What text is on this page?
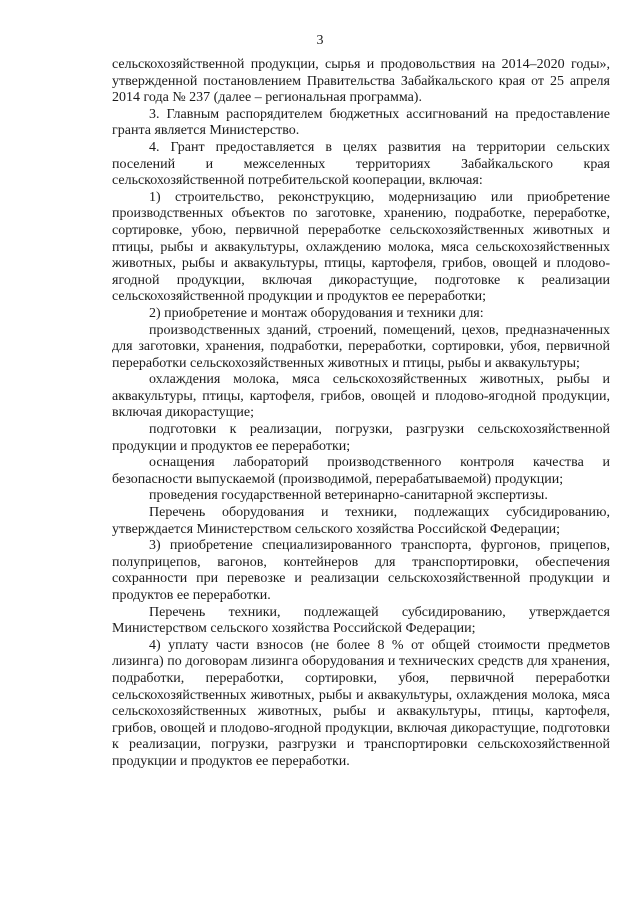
3

сельскохозяйственной продукции, сырья и продовольствия на 2014–2020 годы», утвержденной постановлением Правительства Забайкальского края от 25 апреля 2014 года № 237 (далее – региональная программа).

3. Главным распорядителем бюджетных ассигнований на предоставление гранта является Министерство.

4. Грант предоставляется в целях развития на территории сельских поселений и межселенных территориях Забайкальского края сельскохозяйственной потребительской кооперации, включая:

1) строительство, реконструкцию, модернизацию или приобретение производственных объектов по заготовке, хранению, подработке, переработке, сортировке, убою, первичной переработке сельскохозяйственных животных и птицы, рыбы и аквакультуры, охлаждению молока, мяса сельскохозяйственных животных, рыбы и аквакультуры, птицы, картофеля, грибов, овощей и плодово-ягодной продукции, включая дикорастущие, подготовке к реализации сельскохозяйственной продукции и продуктов ее переработки;

2) приобретение и монтаж оборудования и техники для:

производственных зданий, строений, помещений, цехов, предназначенных для заготовки, хранения, подработки, переработки, сортировки, убоя, первичной переработки сельскохозяйственных животных и птицы, рыбы и аквакультуры;

охлаждения молока, мяса сельскохозяйственных животных, рыбы и аквакультуры, птицы, картофеля, грибов, овощей и плодово-ягодной продукции, включая дикорастущие;

подготовки к реализации, погрузки, разгрузки сельскохозяйственной продукции и продуктов ее переработки;

оснащения лабораторий производственного контроля качества и безопасности выпускаемой (производимой, перерабатываемой) продукции;

проведения государственной ветеринарно-санитарной экспертизы.

Перечень оборудования и техники, подлежащих субсидированию, утверждается Министерством сельского хозяйства Российской Федерации;

3) приобретение специализированного транспорта, фургонов, прицепов, полуприцепов, вагонов, контейнеров для транспортировки, обеспечения сохранности при перевозке и реализации сельскохозяйственной продукции и продуктов ее переработки.

Перечень техники, подлежащей субсидированию, утверждается Министерством сельского хозяйства Российской Федерации;

4) уплату части взносов (не более 8 % от общей стоимости предметов лизинга) по договорам лизинга оборудования и технических средств для хранения, подработки, переработки, сортировки, убоя, первичной переработки сельскохозяйственных животных, рыбы и аквакультуры, охлаждения молока, мяса сельскохозяйственных животных, рыбы и аквакультуры, птицы, картофеля, грибов, овощей и плодово-ягодной продукции, включая дикорастущие, подготовки к реализации, погрузки, разгрузки и транспортировки сельскохозяйственной продукции и продуктов ее переработки.
